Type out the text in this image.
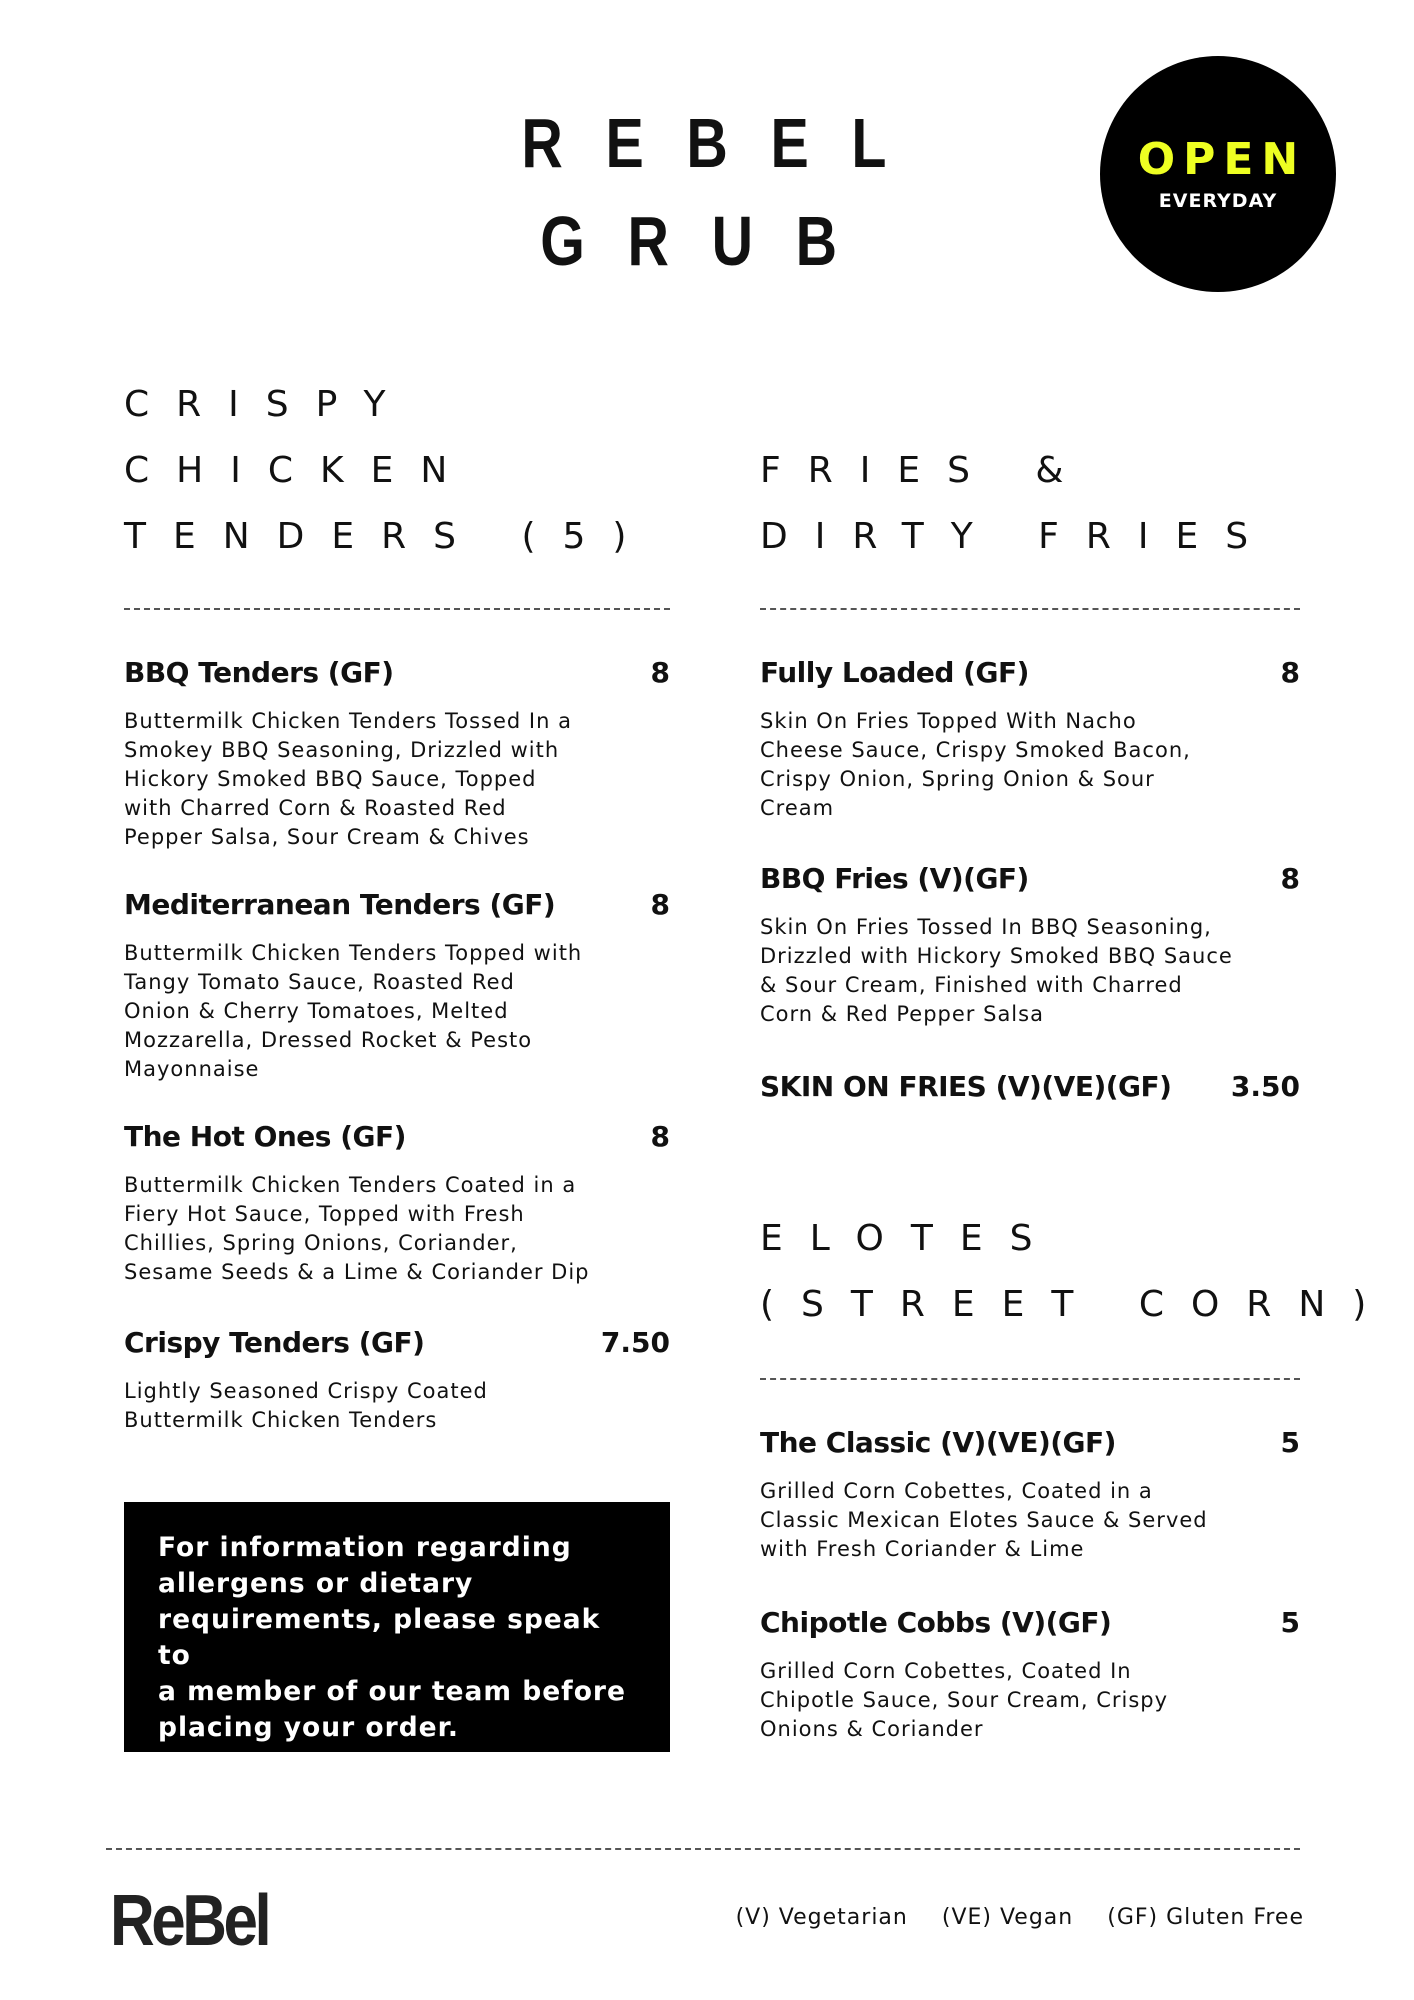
REBEL
GRUB
OPEN
EVERYDAY
CRISPY
CHICKEN
TENDERS (5)
BBQ Tenders (GF)	8
Buttermilk Chicken Tenders Tossed In a
Smokey BBQ Seasoning, Drizzled with
Hickory Smoked BBQ Sauce, Topped
with Charred Corn & Roasted Red
Pepper Salsa, Sour Cream & Chives
Mediterranean Tenders (GF)	8
Buttermilk Chicken Tenders Topped with
Tangy Tomato Sauce, Roasted Red
Onion & Cherry Tomatoes, Melted
Mozzarella, Dressed Rocket & Pesto
Mayonnaise
The Hot Ones (GF)	8
Buttermilk Chicken Tenders Coated in a
Fiery Hot Sauce, Topped with Fresh
Chillies, Spring Onions, Coriander,
Sesame Seeds & a Lime & Coriander Dip
Crispy Tenders (GF)	7.50
Lightly Seasoned Crispy Coated
Buttermilk Chicken Tenders

For information regarding
allergens or dietary
requirements, please speak to
a member of our team before
placing your order.

FRIES &
DIRTY FRIES
Fully Loaded (GF)	8
Skin On Fries Topped With Nacho
Cheese Sauce, Crispy Smoked Bacon,
Crispy Onion, Spring Onion & Sour
Cream
BBQ Fries (V)(GF)	8
Skin On Fries Tossed In BBQ Seasoning,
Drizzled with Hickory Smoked BBQ Sauce
& Sour Cream, Finished with Charred
Corn & Red Pepper Salsa
SKIN ON FRIES (V)(VE)(GF) 3.50
ELOTES
(STREET CORN)
The Classic (V)(VE)(GF)	5
Grilled Corn Cobettes, Coated in a
Classic Mexican Elotes Sauce & Served
with Fresh Coriander & Lime
Chipotle Cobbs (V)(GF)	5
Grilled Corn Cobettes, Coated In
Chipotle Sauce, Sour Cream, Crispy
Onions & Coriander
ReBel	(V) Vegetarian (VE) Vegan (GF) Gluten Free
